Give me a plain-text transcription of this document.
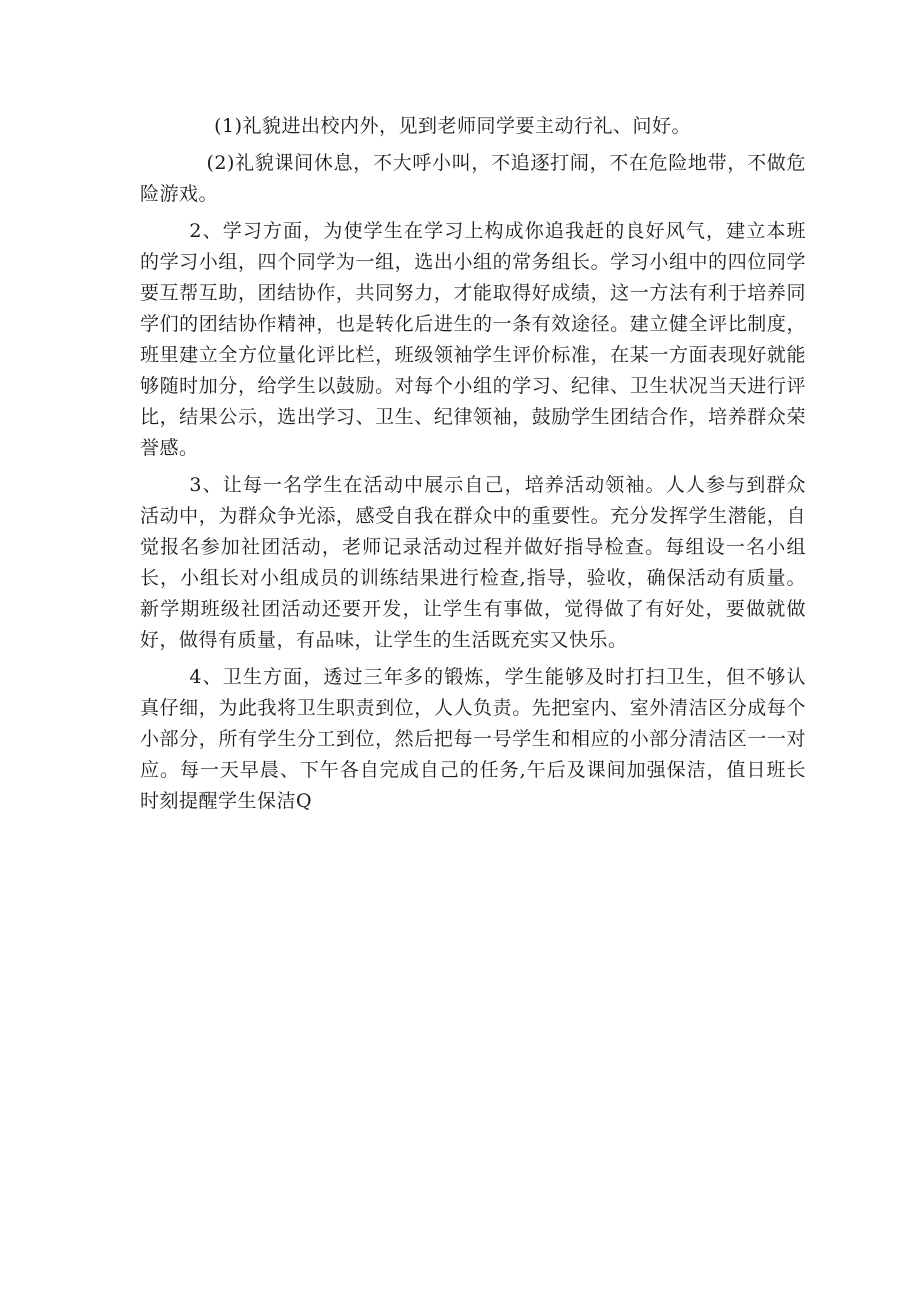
(1)礼貌进出校内外，见到老师同学要主动行礼、问好。

(2)礼貌课间休息，不大呼小叫，不追逐打闹，不在危险地带，不做危险游戏。

2、学习方面，为使学生在学习上构成你追我赶的良好风气，建立本班的学习小组，四个同学为一组，选出小组的常务组长。学习小组中的四位同学要互帮互助，团结协作，共同努力，才能取得好成绩，这一方法有利于培养同学们的团结协作精神，也是转化后进生的一条有效途径。建立健全评比制度，班里建立全方位量化评比栏，班级领袖学生评价标准，在某一方面表现好就能够随时加分，给学生以鼓励。对每个小组的学习、纪律、卫生状况当天进行评比，结果公示，选出学习、卫生、纪律领袖，鼓励学生团结合作，培养群众荣誉感。

3、让每一名学生在活动中展示自己，培养活动领袖。人人参与到群众活动中，为群众争光添，感受自我在群众中的重要性。充分发挥学生潜能，自觉报名参加社团活动，老师记录活动过程并做好指导检查。每组设一名小组长，小组长对小组成员的训练结果进行检查,指导，验收，确保活动有质量。新学期班级社团活动还要开发，让学生有事做，觉得做了有好处，要做就做好，做得有质量，有品味，让学生的生活既充实又快乐。

4、卫生方面，透过三年多的锻炼，学生能够及时打扫卫生，但不够认真仔细，为此我将卫生职责到位，人人负责。先把室内、室外清洁区分成每个小部分，所有学生分工到位，然后把每一号学生和相应的小部分清洁区一一对应。每一天早晨、下午各自完成自己的任务,午后及课间加强保洁，值日班长时刻提醒学生保洁Q
